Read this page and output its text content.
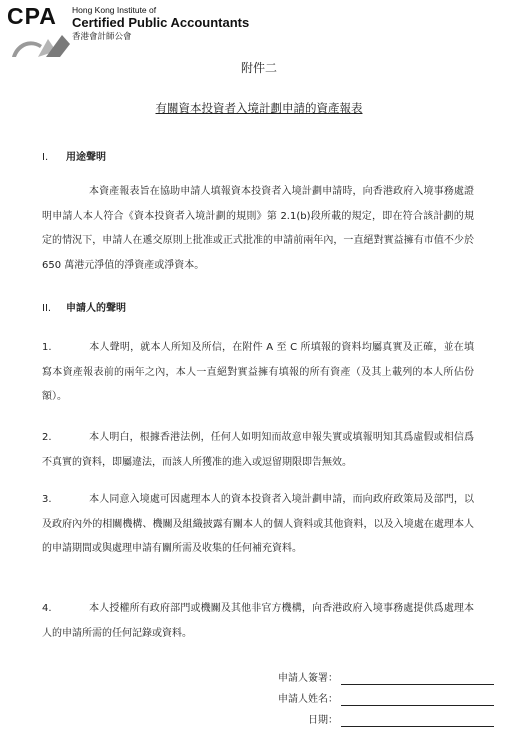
CPA Hong Kong Institute of
Certified Public Accountants
香港會計師公會
附件二
有關資本投資者入境計劃申請的資產報表
I. 用途聲明

本資產報表旨在協助申請人填報資本投資者入境計劃申請時，向香港政府入境事務處證明申請人本人符合《資本投資者入境計劃的規則》第 2.1(b)段所載的規定，即在符合該計劃的規定的情況下，申請人在遞交原則上批准或正式批准的申請前兩年內，一直絕對實益擁有市值不少於 650 萬港元淨值的淨資產或淨資本。

II. 申請人的聲明

1.	本人聲明，就本人所知及所信，在附件 A 至 C 所填報的資料均屬真實及正確，並在填寫本資產報表前的兩年之內，本人一直絕對實益擁有填報的所有資產（及其上載列的本人所佔份額）。

2.	本人明白，根據香港法例，任何人如明知而故意申報失實或填報明知其爲虛假或相信爲不真實的資料，即屬違法，而該人所獲准的進入或逗留期限即告無效。

3.	本人同意入境處可因處理本人的資本投資者入境計劃申請，而向政府政策局及部門，以及政府內外的相關機構、機關及組織披露有關本人的個人資料或其他資料，以及入境處在處理本人的申請期間或與處理申請有關所需及收集的任何補充資料。

4.	本人授權所有政府部門或機關及其他非官方機構，向香港政府入境事務處提供爲處理本人的申請所需的任何記錄或資料。

申請人簽署：
申請人姓名：
日期：
